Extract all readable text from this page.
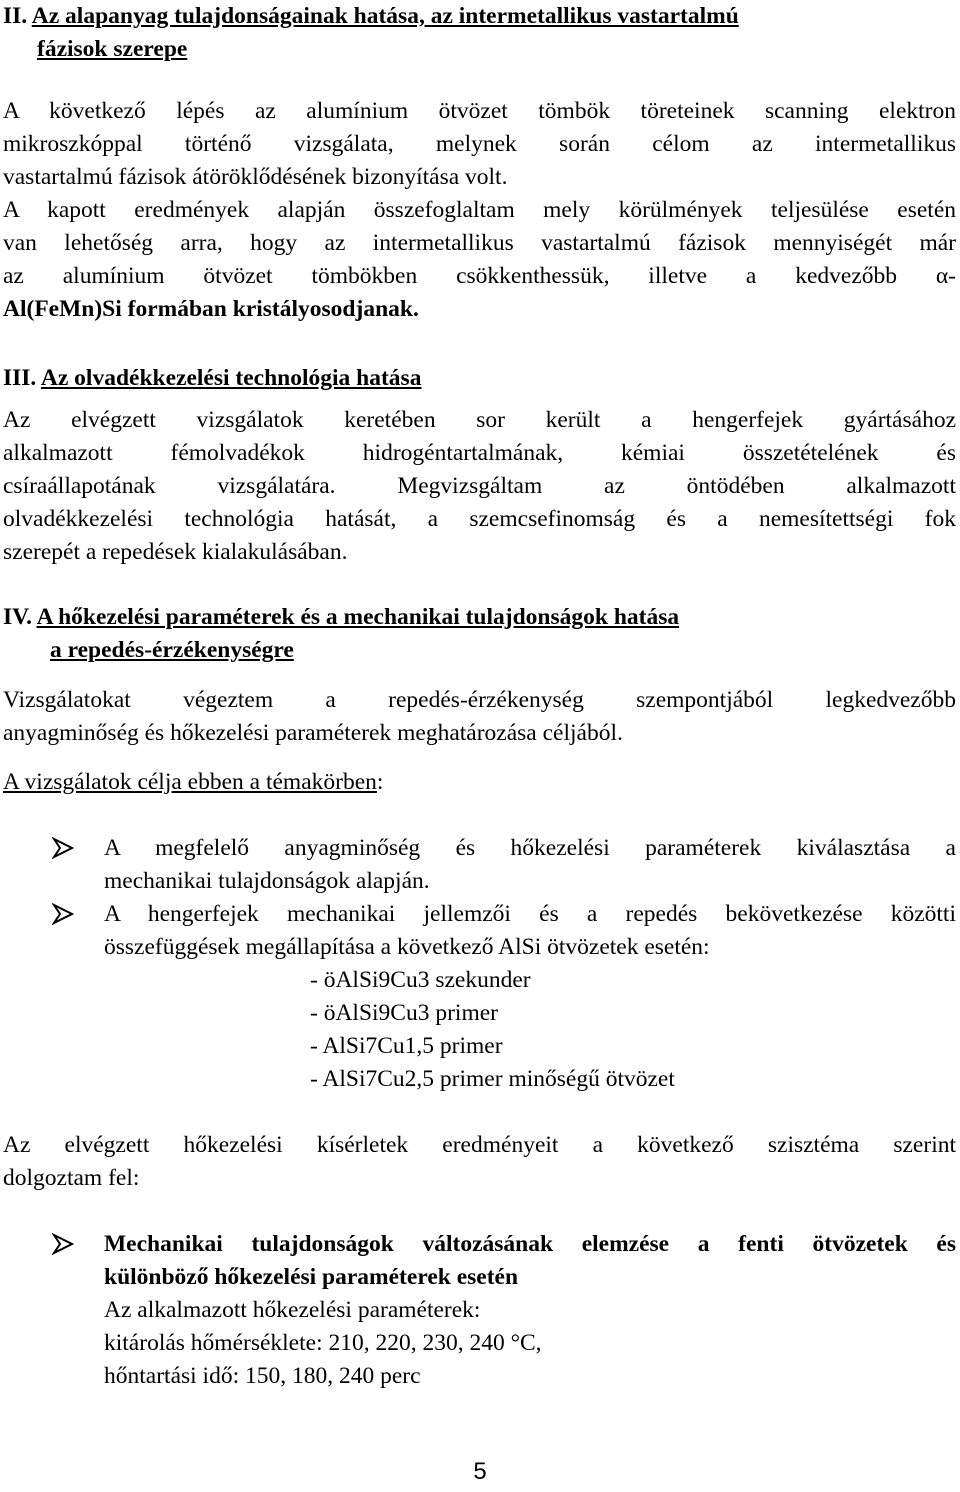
II. Az alapanyag tulajdonságainak hatása, az intermetallikus vastartalmú
fázisok szerepe
A következő lépés az alumínium ötvözet tömbök töreteinek scanning elektron
mikroszkóppal történő vizsgálata, melynek során célom az intermetallikus
vastartalmú fázisok átöröklődésének bizonyítása volt.
A kapott eredmények alapján összefoglaltam mely körülmények teljesülése esetén
van lehetőség arra, hogy az intermetallikus vastartalmú fázisok mennyiségét már
az alumínium ötvözet tömbökben csökkenthessük, illetve a kedvezőbb α-
Al(FeMn)Si formában kristályosodjanak.
III. Az olvadékkezelési technológia hatása
Az elvégzett vizsgálatok keretében sor került a hengerfejek gyártásához
alkalmazott fémolvadékok hidrogéntartalmának, kémiai összetételének és
csíraállapotának vizsgálatára. Megvizsgáltam az öntödében alkalmazott
olvadékkezelési technológia hatását, a szemcsefinomság és a nemesítettségi fok
szerepét a repedések kialakulásában.
IV. A hőkezelési paraméterek és a mechanikai tulajdonságok hatása
a repedés-érzékenységre
Vizsgálatokat végeztem a repedés-érzékenység szempontjából legkedvezőbb
anyagminőség és hőkezelési paraméterek meghatározása céljából.
A vizsgálatok célja ebben a témakörben:
A megfelelő anyagminőség és hőkezelési paraméterek kiválasztása a
mechanikai tulajdonságok alapján.
A hengerfejek mechanikai jellemzői és a repedés bekövetkezése közötti
összefüggések megállapítása a következő AlSi ötvözetek esetén:
- öAlSi9Cu3 szekunder
- öAlSi9Cu3 primer
- AlSi7Cu1,5 primer
- AlSi7Cu2,5 primer minőségű ötvözet
Az elvégzett hőkezelési kísérletek eredményeit a következő szisztéma szerint
dolgoztam fel:
Mechanikai tulajdonságok változásának elemzése a fenti ötvözetek és
különböző hőkezelési paraméterek esetén
Az alkalmazott hőkezelési paraméterek:
kitárolás hőmérséklete: 210, 220, 230, 240 °C,
hőntartási idő: 150, 180, 240 perc
5
